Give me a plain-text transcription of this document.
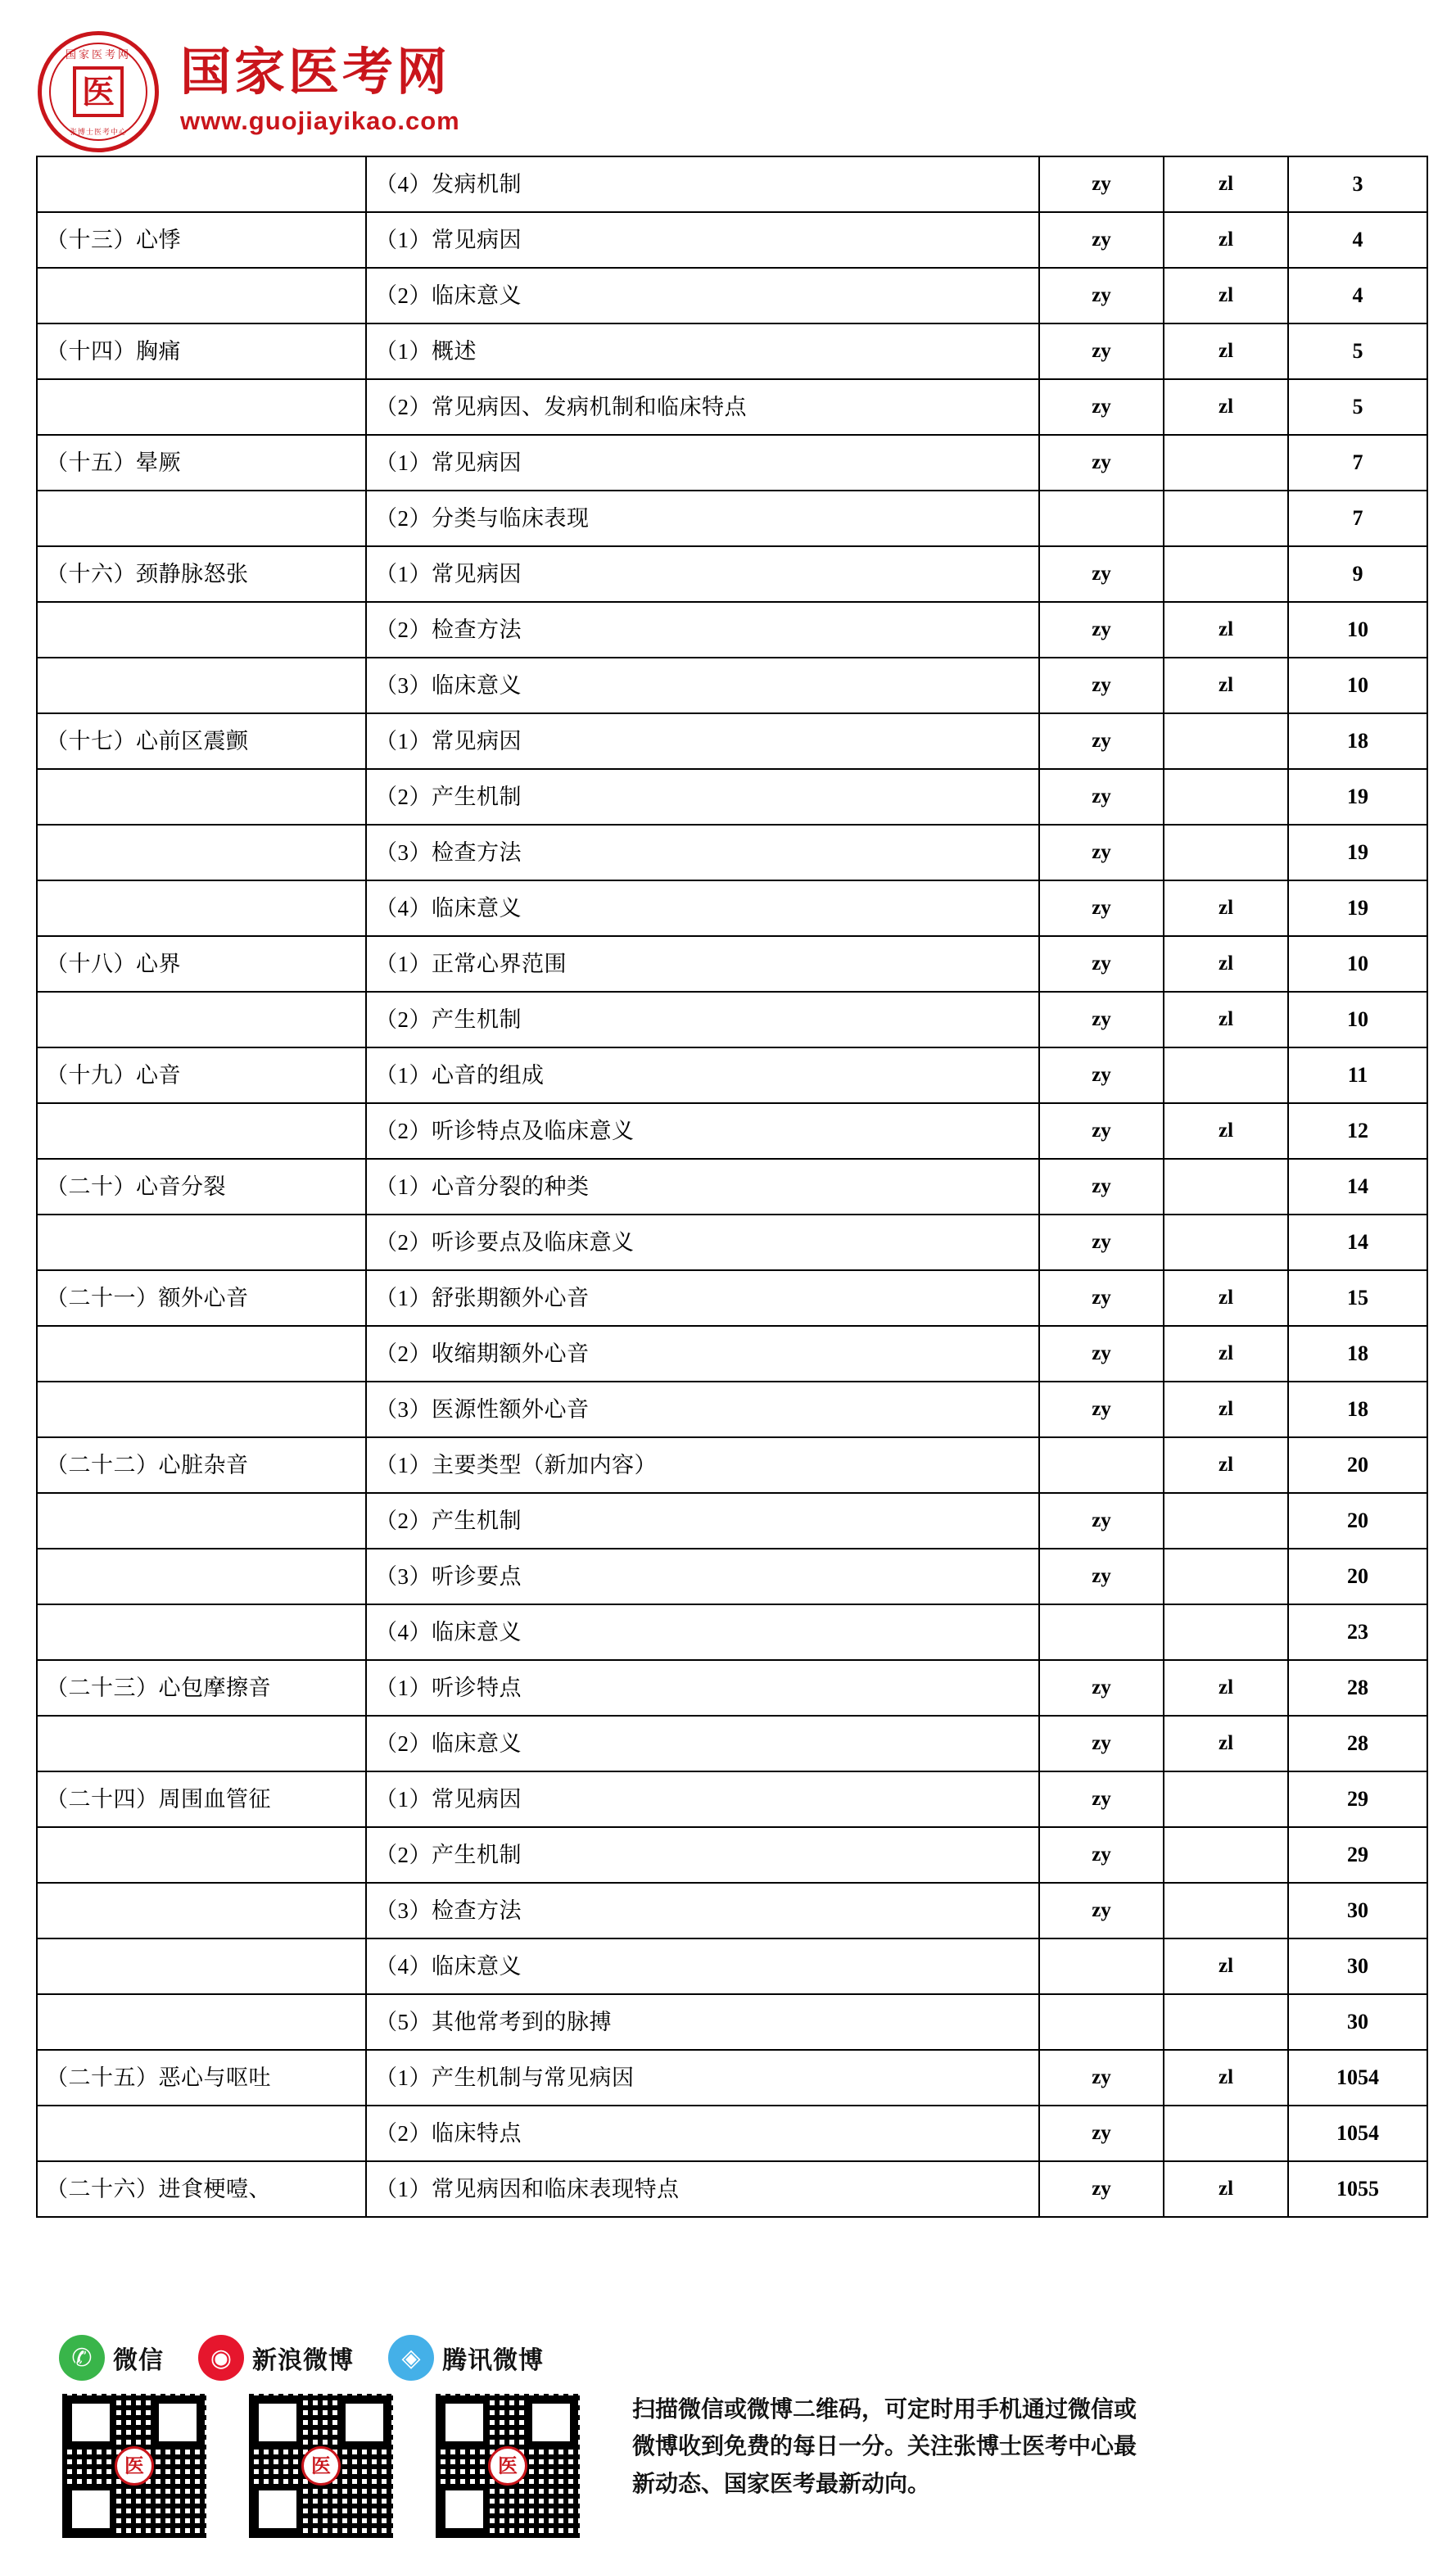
国家医考网
医
张博士医考中心
国家医考网
www.guojiayikao.com
	（4）发病机制	zy	zl	3
（十三）心悸	（1）常见病因	zy	zl	4
	（2）临床意义	zy	zl	4
（十四）胸痛	（1）概述	zy	zl	5
	（2）常见病因、发病机制和临床特点	zy	zl	5
（十五）晕厥	（1）常见病因	zy		7
	（2）分类与临床表现			7
（十六）颈静脉怒张	（1）常见病因	zy		9
	（2）检查方法	zy	zl	10
	（3）临床意义	zy	zl	10
（十七）心前区震颤	（1）常见病因	zy		18
	（2）产生机制	zy		19
	（3）检查方法	zy		19
	（4）临床意义	zy	zl	19
（十八）心界	（1）正常心界范围	zy	zl	10
	（2）产生机制	zy	zl	10
（十九）心音	（1）心音的组成	zy		11
	（2）听诊特点及临床意义	zy	zl	12
（二十）心音分裂	（1）心音分裂的种类	zy		14
	（2）听诊要点及临床意义	zy		14
（二十一）额外心音	（1）舒张期额外心音	zy	zl	15
	（2）收缩期额外心音	zy	zl	18
	（3）医源性额外心音	zy	zl	18
（二十二）心脏杂音	（1）主要类型（新加内容）		zl	20
	（2）产生机制	zy		20
	（3）听诊要点	zy		20
	（4）临床意义			23
（二十三）心包摩擦音	（1）听诊特点	zy	zl	28
	（2）临床意义	zy	zl	28
（二十四）周围血管征	（1）常见病因	zy		29
	（2）产生机制	zy		29
	（3）检查方法	zy		30
	（4）临床意义		zl	30
	（5）其他常考到的脉搏			30
（二十五）恶心与呕吐	（1）产生机制与常见病因	zy	zl	1054
	（2）临床特点	zy		1054
（二十六）进食梗噎、	（1）常见病因和临床表现特点	zy	zl	1055
✆ 微信	◉ 新浪微博	◈ 腾讯微博
医	医	医
扫描微信或微博二维码，可定时用手机通过微信或微博收到免费的每日一分。关注张博士医考中心最新动态、国家医考最新动向。
